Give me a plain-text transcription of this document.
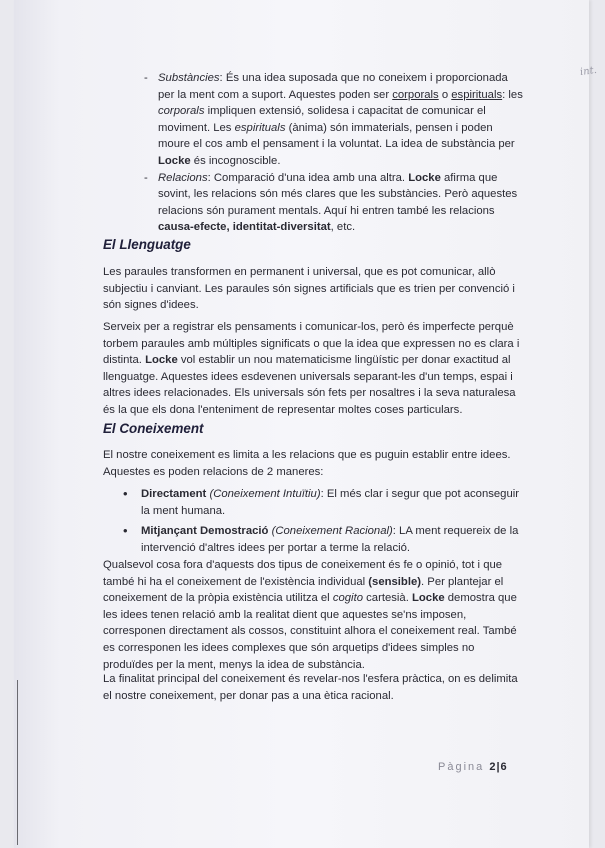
int.
- Substàncies: És una idea suposada que no coneixem i proporcionada per la ment com a suport. Aquestes poden ser corporals o espirituals: les corporals impliquen extensió, solidesa i capacitat de comunicar el moviment. Les espirituals (ànima) són immaterials, pensen i poden moure el cos amb el pensament i la voluntat. La idea de substància per Locke és incognoscible.
- Relacions: Comparació d'una idea amb una altra. Locke afirma que sovint, les relacions són més clares que les substàncies. Però aquestes relacions són purament mentals. Aquí hi entren també les relacions causa-efecte, identitat-diversitat, etc.
El Llenguatge

Les paraules transformen en permanent i universal, que es pot comunicar, allò subjectiu i canviant. Les paraules són signes artificials que es trien per convenció i són signes d'idees.

Serveix per a registrar els pensaments i comunicar-los, però és imperfecte perquè torbem paraules amb múltiples significats o que la idea que expressen no es clara i distinta. Locke vol establir un nou matematicisme lingüístic per donar exactitud al llenguatge. Aquestes idees esdevenen universals separant-les d'un temps, espai i altres idees relacionades. Els universals són fets per nosaltres i la seva naturalesa és la que els dona l'enteniment de representar moltes coses particulars.

El Coneixement

El nostre coneixement es limita a les relacions que es puguin establir entre idees. Aquestes es poden relacions de 2 maneres:

• Directament (Coneixement Intuïtiu): El més clar i segur que pot aconseguir la ment humana.
• Mitjançant Demostració (Coneixement Racional): LA ment requereix de la intervenció d'altres idees per portar a terme la relació.

Qualsevol cosa fora d'aquests dos tipus de coneixement és fe o opinió, tot i que també hi ha el coneixement de l'existència individual (sensible). Per plantejar el coneixement de la pròpia existència utilitza el cogito cartesià. Locke demostra que les idees tenen relació amb la realitat dient que aquestes se'ns imposen, corresponen directament als cossos, constituint alhora el coneixement real. També es corresponen les idees complexes que són arquetips d'idees simples no produïdes per la ment, menys la idea de substància.

La finalitat principal del coneixement és revelar-nos l'esfera pràctica, on es delimita el nostre coneixement, per donar pas a una ètica racional.

Pàgina 2|6
